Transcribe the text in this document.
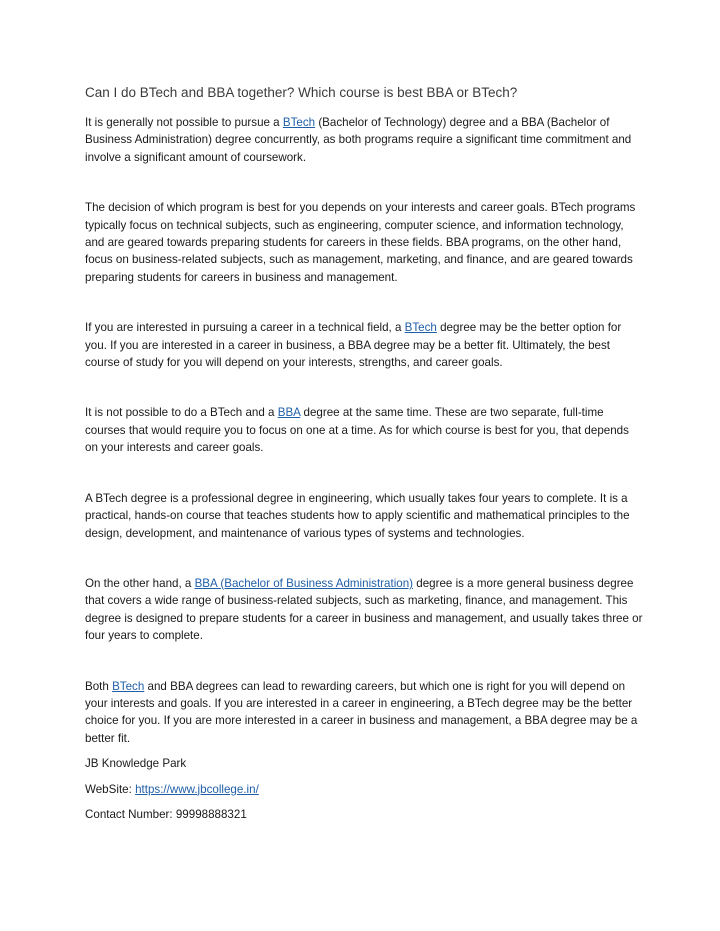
Can I do BTech and BBA together? Which course is best BBA or BTech?

It is generally not possible to pursue a BTech (Bachelor of Technology) degree and a BBA (Bachelor of Business Administration) degree concurrently, as both programs require a significant time commitment and involve a significant amount of coursework.

The decision of which program is best for you depends on your interests and career goals. BTech programs typically focus on technical subjects, such as engineering, computer science, and information technology, and are geared towards preparing students for careers in these fields. BBA programs, on the other hand, focus on business-related subjects, such as management, marketing, and finance, and are geared towards preparing students for careers in business and management.

If you are interested in pursuing a career in a technical field, a BTech degree may be the better option for you. If you are interested in a career in business, a BBA degree may be a better fit. Ultimately, the best course of study for you will depend on your interests, strengths, and career goals.

It is not possible to do a BTech and a BBA degree at the same time. These are two separate, full-time courses that would require you to focus on one at a time. As for which course is best for you, that depends on your interests and career goals.

A BTech degree is a professional degree in engineering, which usually takes four years to complete. It is a practical, hands-on course that teaches students how to apply scientific and mathematical principles to the design, development, and maintenance of various types of systems and technologies.

On the other hand, a BBA (Bachelor of Business Administration) degree is a more general business degree that covers a wide range of business-related subjects, such as marketing, finance, and management. This degree is designed to prepare students for a career in business and management, and usually takes three or four years to complete.

Both BTech and BBA degrees can lead to rewarding careers, but which one is right for you will depend on your interests and goals. If you are interested in a career in engineering, a BTech degree may be the better choice for you. If you are more interested in a career in business and management, a BBA degree may be a better fit.

JB Knowledge Park

WebSite: https://www.jbcollege.in/

Contact Number: 99998888321
